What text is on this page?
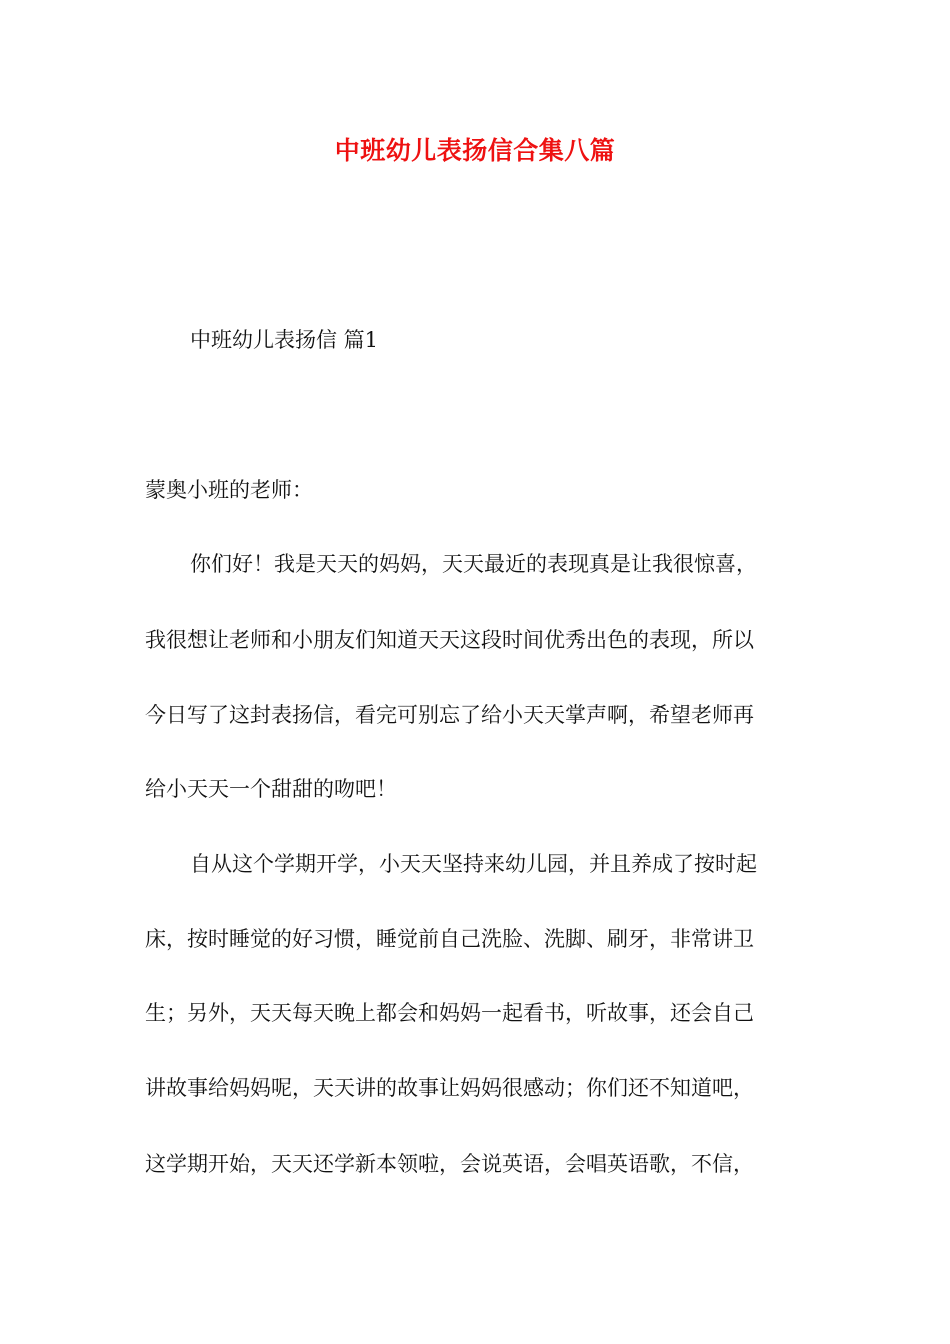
中班幼儿表扬信合集八篇
中班幼儿表扬信 篇1
蒙奥小班的老师：
你们好！我是天天的妈妈，天天最近的表现真是让我很惊喜，
我很想让老师和小朋友们知道天天这段时间优秀出色的表现，所以
今日写了这封表扬信，看完可别忘了给小天天掌声啊，希望老师再
给小天天一个甜甜的吻吧！
自从这个学期开学，小天天坚持来幼儿园，并且养成了按时起
床，按时睡觉的好习惯，睡觉前自己洗脸、洗脚、刷牙，非常讲卫
生；另外，天天每天晚上都会和妈妈一起看书，听故事，还会自己
讲故事给妈妈呢，天天讲的故事让妈妈很感动；你们还不知道吧，
这学期开始，天天还学新本领啦，会说英语，会唱英语歌，不信，
